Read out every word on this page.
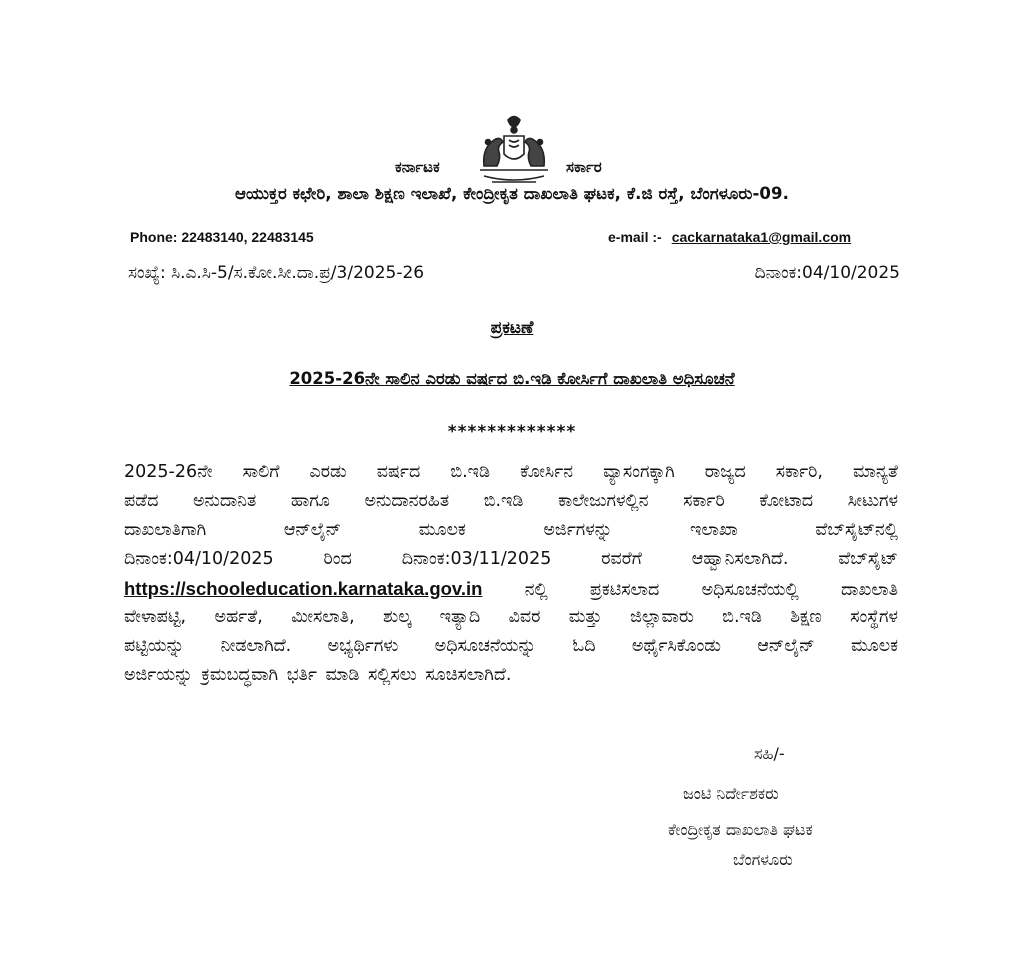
ಕರ್ನಾಟಕ	ಸರ್ಕಾರ
ಆಯುಕ್ತರ ಕಛೇರಿ, ಶಾಲಾ ಶಿಕ್ಷಣ ಇಲಾಖೆ, ಕೇಂದ್ರೀಕೃತ ದಾಖಲಾತಿ ಘಟಕ, ಕೆ.ಜಿ ರಸ್ತೆ, ಬೆಂಗಳೂರು-09.
Phone: 22483140, 22483145	e-mail :- cackarnataka1@gmail.com
ಸಂಖ್ಯೆ: ಸಿ.ಎ.ಸಿ-5/ಸ.ಕೋ.ಸೀ.ದಾ.ಪ್ರ/3/2025-26	ದಿನಾಂಕ:04/10/2025
ಪ್ರಕಟಣೆ
2025-26ನೇ ಸಾಲಿನ ಎರಡು ವರ್ಷದ ಬಿ.ಇಡಿ ಕೋರ್ಸಿಗೆ ದಾಖಲಾತಿ ಅಧಿಸೂಚನೆ
*************
2025-26ನೇ ಸಾಲಿಗೆ ಎರಡು ವರ್ಷದ ಬಿ.ಇಡಿ ಕೋರ್ಸಿನ ವ್ಯಾಸಂಗಕ್ಕಾಗಿ ರಾಜ್ಯದ ಸರ್ಕಾರಿ, ಮಾನ್ಯತೆ
ಪಡೆದ ಅನುದಾನಿತ ಹಾಗೂ ಅನುದಾನರಹಿತ ಬಿ.ಇಡಿ ಕಾಲೇಜುಗಳಲ್ಲಿನ ಸರ್ಕಾರಿ ಕೋಟಾದ ಸೀಟುಗಳ
ದಾಖಲಾತಿಗಾಗಿ ಆನ್‌ಲೈನ್ ಮೂಲಕ ಅರ್ಜಿಗಳನ್ನು ಇಲಾಖಾ ವೆಬ್‌ಸೈಟ್‌ನಲ್ಲಿ
ದಿನಾಂಕ:04/10/2025 ರಿಂದ ದಿನಾಂಕ:03/11/2025 ರವರೆಗೆ ಆಹ್ವಾನಿಸಲಾಗಿದೆ. ವೆಬ್‌ಸೈಟ್
https://schooleducation.karnataka.gov.in ನಲ್ಲಿ ಪ್ರಕಟಿಸಲಾದ ಅಧಿಸೂಚನೆಯಲ್ಲಿ ದಾಖಲಾತಿ
ವೇಳಾಪಟ್ಟಿ, ಅರ್ಹತೆ, ಮೀಸಲಾತಿ, ಶುಲ್ಕ ಇತ್ಯಾದಿ ವಿವರ ಮತ್ತು ಜಿಲ್ಲಾವಾರು ಬಿ.ಇಡಿ ಶಿಕ್ಷಣ ಸಂಸ್ಥೆಗಳ
ಪಟ್ಟಿಯನ್ನು ನೀಡಲಾಗಿದೆ. ಅಭ್ಯರ್ಥಿಗಳು ಅಧಿಸೂಚನೆಯನ್ನು ಓದಿ ಅರ್ಥೈಸಿಕೊಂಡು ಆನ್‌ಲೈನ್ ಮೂಲಕ
ಅರ್ಜಿಯನ್ನು ಕ್ರಮಬದ್ಧವಾಗಿ ಭರ್ತಿ ಮಾಡಿ ಸಲ್ಲಿಸಲು ಸೂಚಿಸಲಾಗಿದೆ.
ಸಹಿ/-
ಜಂಟಿ ನಿರ್ದೇಶಕರು
ಕೇಂದ್ರೀಕೃತ ದಾಖಲಾತಿ ಘಟಕ
ಬೆಂಗಳೂರು
